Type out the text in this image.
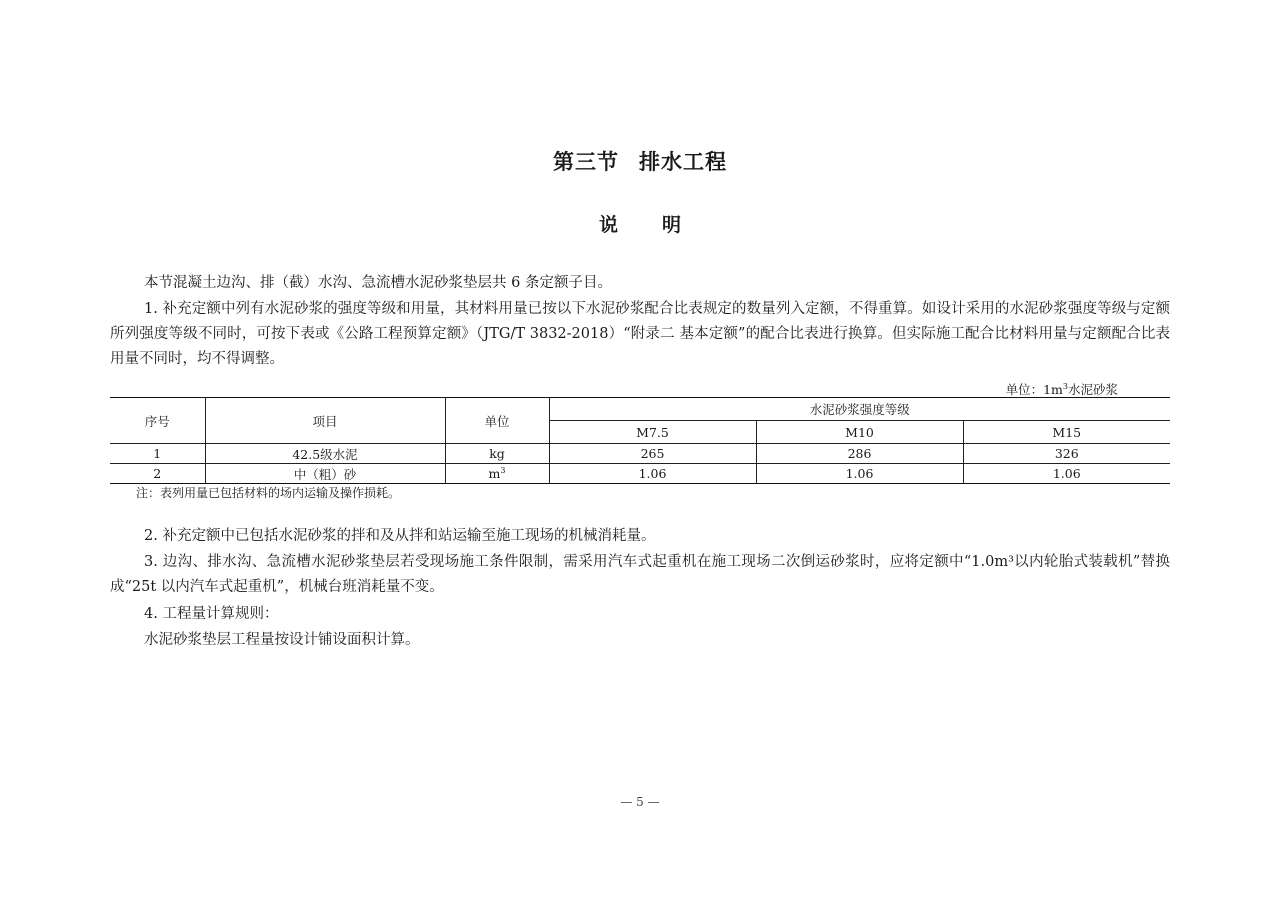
第三节 排水工程
说明

本节混凝土边沟、排（截）水沟、急流槽水泥砂浆垫层共 6 条定额子目。

1. 补充定额中列有水泥砂浆的强度等级和用量，其材料用量已按以下水泥砂浆配合比表规定的数量列入定额，不得重算。如设计采用的水泥砂浆强度等级与定额所列强度等级不同时，可按下表或《公路工程预算定额》（JTG/T 3832-2018）“附录二 基本定额”的配合比表进行换算。但实际施工配合比材料用量与定额配合比表用量不同时，均不得调整。

单位：$1m^3$水泥砂浆
序号	项目	单位	水泥砂浆强度等级		
			M7.5	M10	M15
1	42.5级水泥	kg	265	286	326
2	中（粗）砂	$m^3$	1.06	1.06	1.06
注：表列用量已包括材料的场内运输及操作损耗。

2. 补充定额中已包括水泥砂浆的拌和及从拌和站运输至施工现场的机械消耗量。

3. 边沟、排水沟、急流槽水泥砂浆垫层若受现场施工条件限制，需采用汽车式起重机在施工现场二次倒运砂浆时，应将定额中“1.0m³以内轮胎式装载机”替换成“25t 以内汽车式起重机”，机械台班消耗量不变。

4. 工程量计算规则：

水泥砂浆垫层工程量按设计铺设面积计算。

— 5 —
